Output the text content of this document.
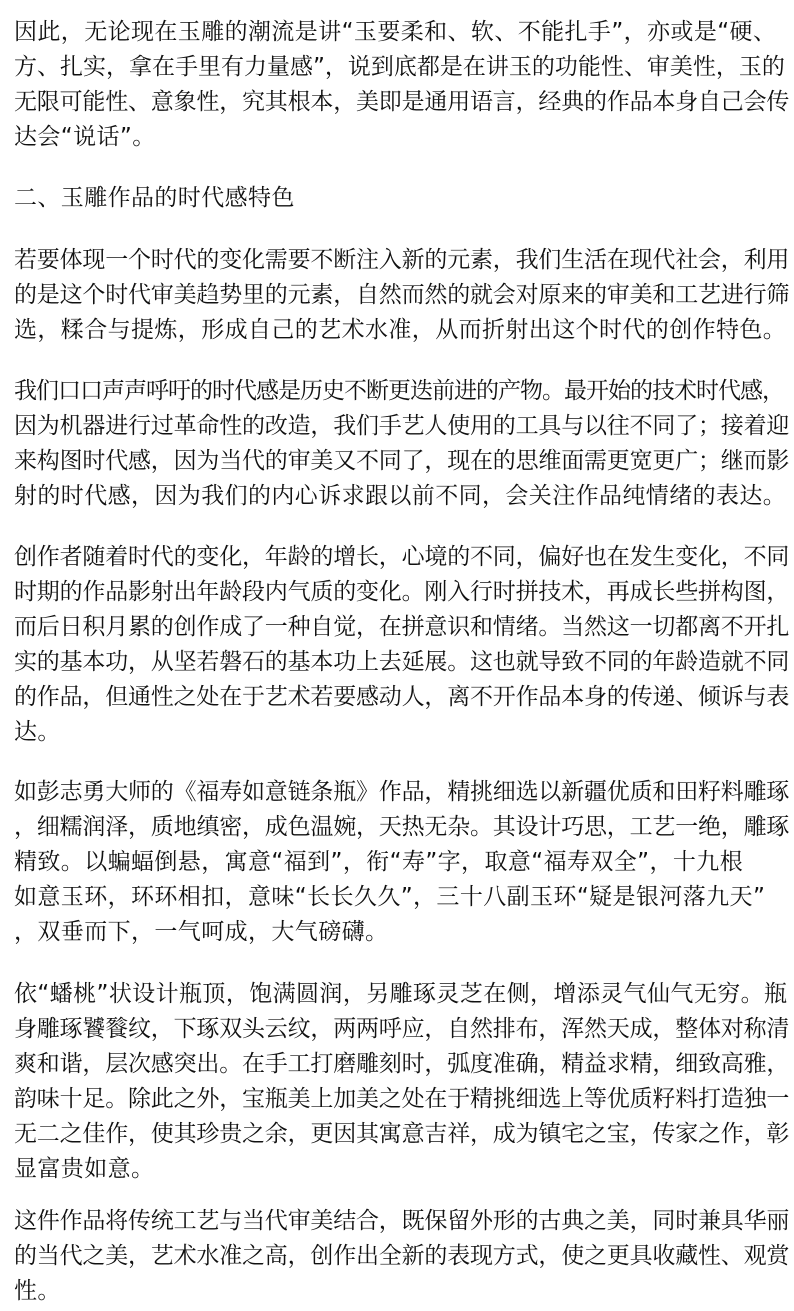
因此，无论现在玉雕的潮流是讲“玉要柔和、软、不能扎手”，亦或是“硬、

方、扎实，拿在手里有力量感”，说到底都是在讲玉的功能性、审美性，玉的

无限可能性、意象性，究其根本，美即是通用语言，经典的作品本身自己会传

达会“说话”。

二、玉雕作品的时代感特色

若要体现一个时代的变化需要不断注入新的元素，我们生活在现代社会，利用

的是这个时代审美趋势里的元素，自然而然的就会对原来的审美和工艺进行筛

选，糅合与提炼，形成自己的艺术水准，从而折射出这个时代的创作特色。

我们口口声声呼吁的时代感是历史不断更迭前进的产物。最开始的技术时代感，

因为机器进行过革命性的改造，我们手艺人使用的工具与以往不同了；接着迎

来构图时代感，因为当代的审美又不同了，现在的思维面需更宽更广；继而影

射的时代感，因为我们的内心诉求跟以前不同，会关注作品纯情绪的表达。

创作者随着时代的变化，年龄的增长，心境的不同，偏好也在发生变化，不同

时期的作品影射出年龄段内气质的变化。刚入行时拼技术，再成长些拼构图，

而后日积月累的创作成了一种自觉，在拼意识和情绪。当然这一切都离不开扎

实的基本功，从坚若磐石的基本功上去延展。这也就导致不同的年龄造就不同

的作品，但通性之处在于艺术若要感动人，离不开作品本身的传递、倾诉与表

达。

如彭志勇大师的《福寿如意链条瓶》作品，精挑细选以新疆优质和田籽料雕琢

，细糯润泽，质地缜密，成色温婉，天热无杂。其设计巧思，工艺一绝，雕琢

精致。以蝙蝠倒悬，寓意“福到”，衔“寿”字，取意“福寿双全”，十九根

如意玉环，环环相扣，意味“长长久久”，三十八副玉环“疑是银河落九天”

，双垂而下，一气呵成，大气磅礴。

依“蟠桃”状设计瓶顶，饱满圆润，另雕琢灵芝在侧，增添灵气仙气无穷。瓶

身雕琢饕餮纹，下琢双头云纹，两两呼应，自然排布，浑然天成，整体对称清

爽和谐，层次感突出。在手工打磨雕刻时，弧度准确，精益求精，细致高雅，

韵味十足。除此之外，宝瓶美上加美之处在于精挑细选上等优质籽料打造独一

无二之佳作，使其珍贵之余，更因其寓意吉祥，成为镇宅之宝，传家之作，彰

显富贵如意。

这件作品将传统工艺与当代审美结合，既保留外形的古典之美，同时兼具华丽

的当代之美，艺术水准之高，创作出全新的表现方式，使之更具收藏性、观赏

性。
